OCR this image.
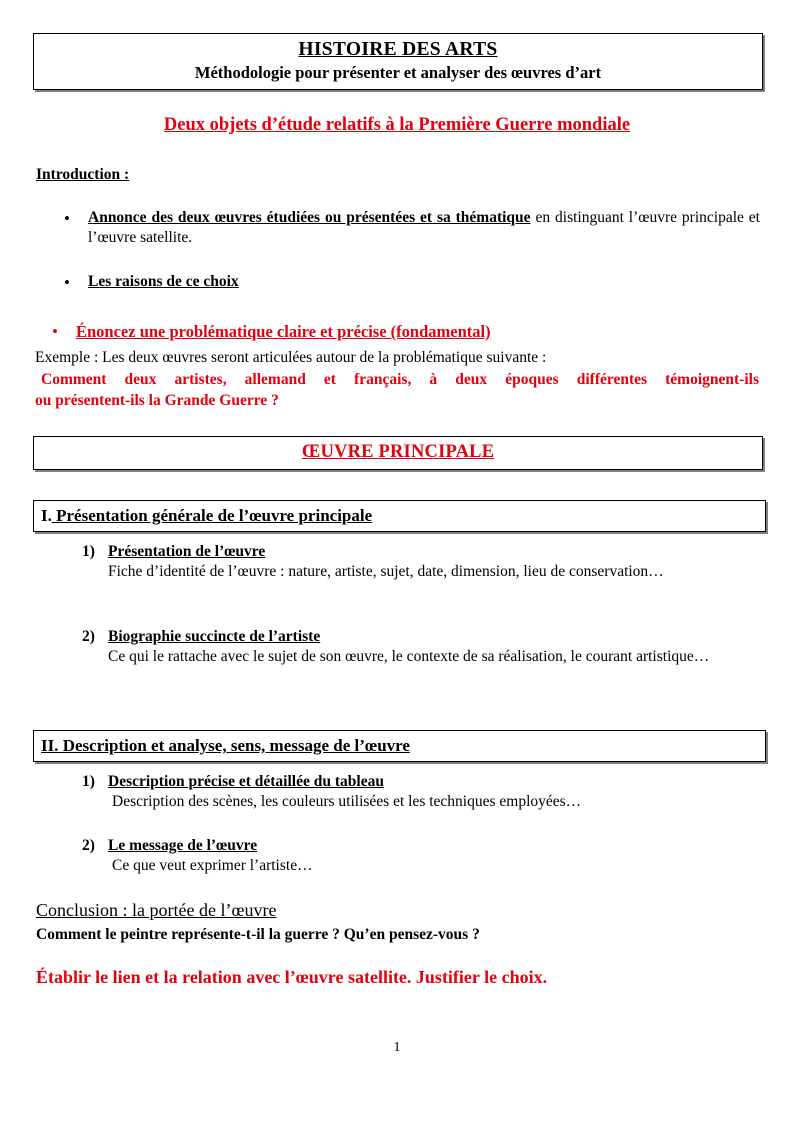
HISTOIRE DES ARTS
Méthodologie pour présenter et analyser des œuvres d’art
Deux objets d’étude relatifs à la Première Guerre mondiale
Introduction :
•	Annonce des deux œuvres étudiées ou présentées et sa thématique en distinguant l’œuvre principale et l’œuvre satellite.
•	Les raisons de ce choix
•	Énoncez une problématique claire et précise (fondamental)
Exemple : Les deux œuvres seront articulées autour de la problématique suivante :
Comment deux artistes, allemand et français, à deux époques différentes témoignent-ils
ou présentent-ils la Grande Guerre ?
ŒUVRE PRINCIPALE
I. Présentation générale de l’œuvre principale
1) Présentation de l’œuvre
Fiche d’identité de l’œuvre : nature, artiste, sujet, date, dimension, lieu de conservation…
2) Biographie succincte de l’artiste
Ce qui le rattache avec le sujet de son œuvre, le contexte de sa réalisation, le courant artistique…
II. Description et analyse, sens, message de l’œuvre
1) Description précise et détaillée du tableau
Description des scènes, les couleurs utilisées et les techniques employées…
2) Le message de l’œuvre
Ce que veut exprimer l’artiste…
Conclusion : la portée de l’œuvre
Comment le peintre représente-t-il la guerre ? Qu’en pensez-vous ?
Établir le lien et la relation avec l’œuvre satellite. Justifier le choix.
1
